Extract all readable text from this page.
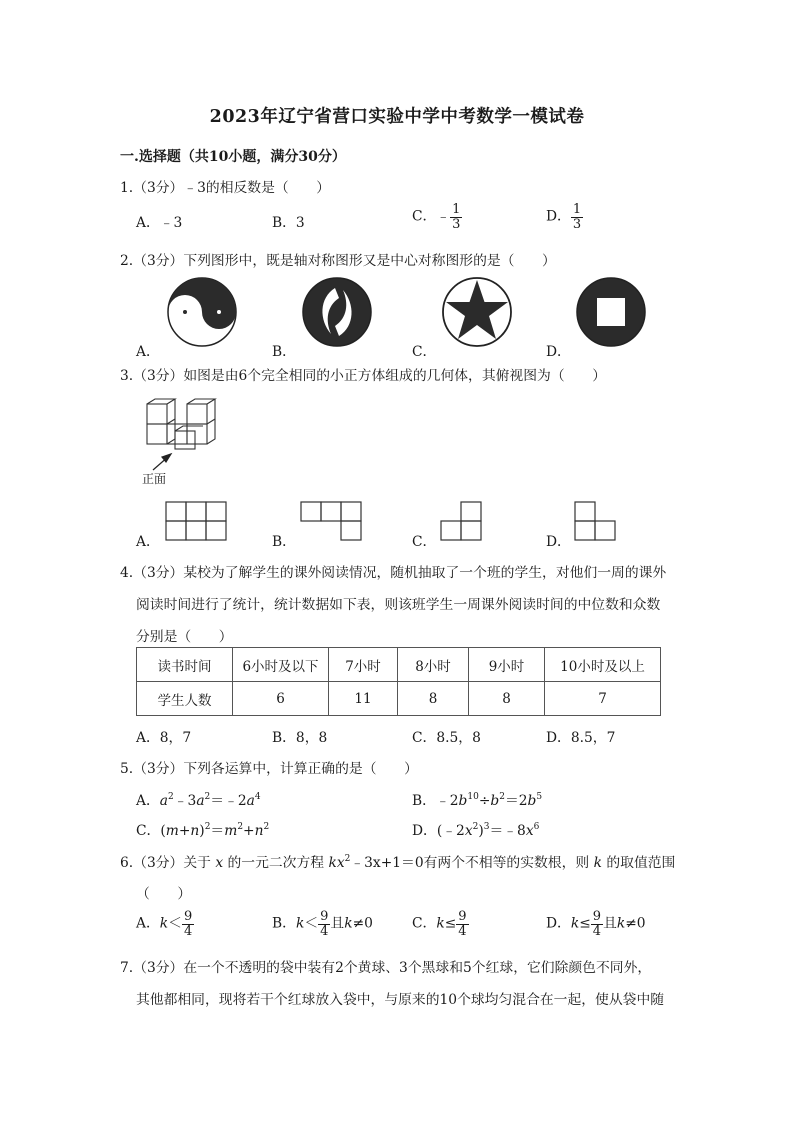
2023年辽宁省营口实验中学中考数学一模试卷
一.选择题（共10小题，满分30分）
1.（3分）﹣3的相反数是（　　）
A．﹣3	B．3	C．﹣ $\frac{1}{3}$	D． $\frac{1}{3}$
2.（3分）下列图形中，既是轴对称图形又是中心对称图形的是（　　）
A．	B．	C．	D．
3.（3分）如图是由6个完全相同的小正方体组成的几何体，其俯视图为（　　）
正面
A．	B．	C．	D．
4.（3分）某校为了解学生的课外阅读情况，随机抽取了一个班的学生，对他们一周的课外
阅读时间进行了统计，统计数据如下表，则该班学生一周课外阅读时间的中位数和众数
分别是（　　）
读书时间	6小时及以下	7小时	8小时	9小时	10小时及以上
学生人数	6	11	8	8	7
A．8，7	B．8，8	C．8.5，8	D．8.5，7
5.（3分）下列各运算中，计算正确的是（　　）
A．$a^2﹣3a^2=﹣2a^4$	B．$﹣2b^{10}\div b^2=2b^5$
C．$(m+n)^2=m^2+n^2$	D．$(﹣2x^2)^3=﹣8x^6$
6.（3分）关于 x 的一元二次方程 $kx^2﹣3x+1=0$有两个不相等的实数根，则 k 的取值范围
（　　）
A．$k< \frac{9}{4}$	B．$k< \frac{9}{4}$ 且k≠0	C．$k\le \frac{9}{4}$	D．$k\le \frac{9}{4}$ 且k≠0
7.（3分）在一个不透明的袋中装有2个黄球、3个黑球和5个红球，它们除颜色不同外，
其他都相同，现将若干个红球放入袋中，与原来的10个球均匀混合在一起，使从袋中随
